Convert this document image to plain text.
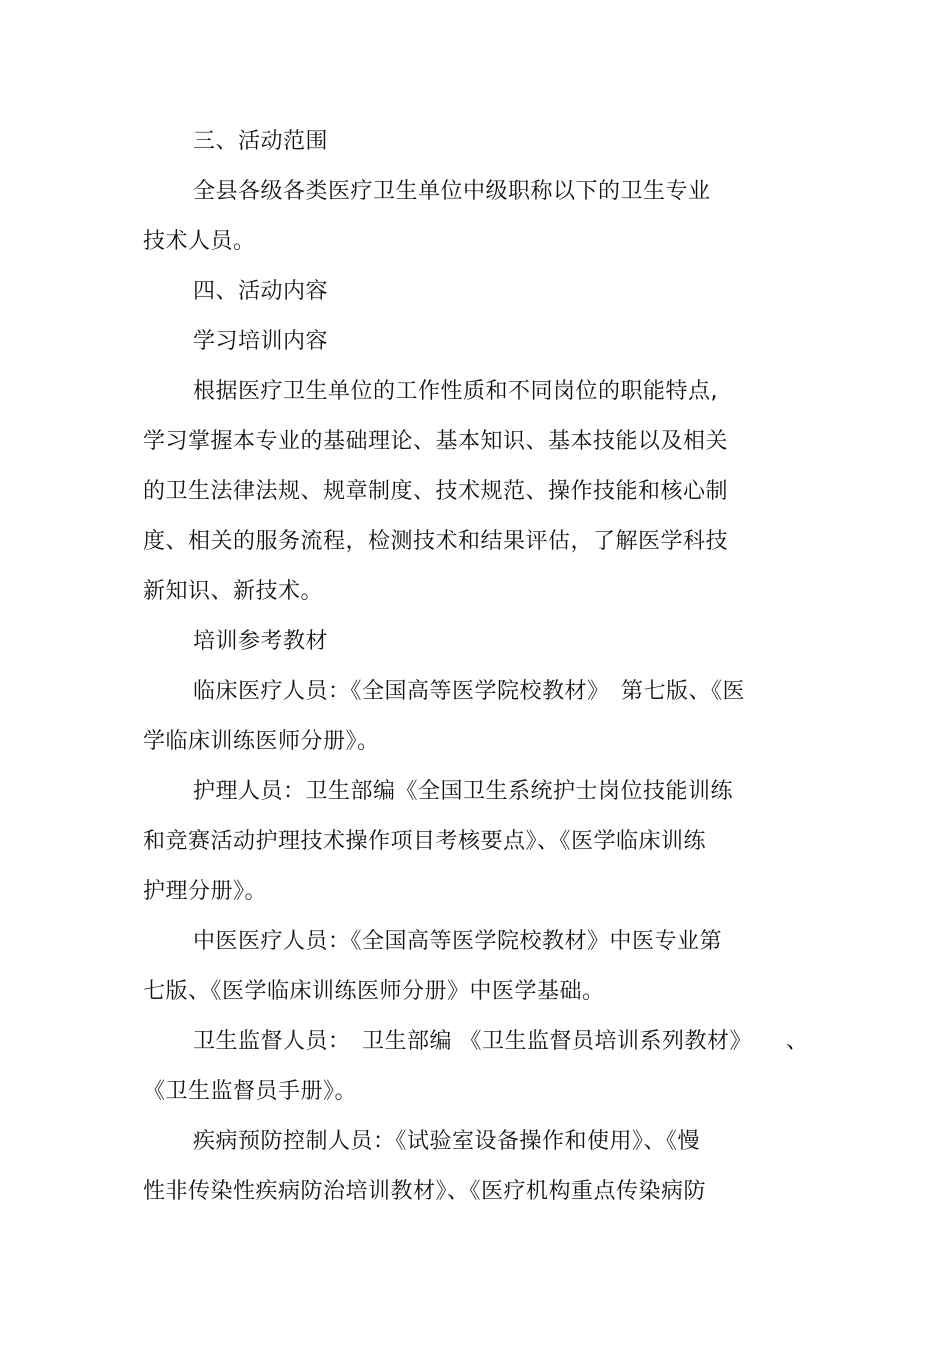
三、活动范围
全县各级各类医疗卫生单位中级职称以下的卫生专业
技术人员。
四、活动内容
学习培训内容
根据医疗卫生单位的工作性质和不同岗位的职能特点,
学习掌握本专业的基础理论、基本知识、基本技能以及相关
的卫生法律法规、规章制度、技术规范、操作技能和核心制
度、相关的服务流程，检测技术和结果评估，了解医学科技
新知识、新技术。
培训参考教材
临床医疗人员：《全国高等医学院校教材》　第七版、《医
学临床训练医师分册》。
护理人员：卫生部编《全国卫生系统护士岗位技能训练
和竞赛活动护理技术操作项目考核要点》、《医学临床训练
护理分册》。
中医医疗人员：《全国高等医学院校教材》中医专业第
七版、《医学临床训练医师分册》中医学基础。
卫生监督人员：　卫生部编 《卫生监督员培训系列教材》　　、
《卫生监督员手册》。
疾病预防控制人员：《试验室设备操作和使用》、《慢
性非传染性疾病防治培训教材》、《医疗机构重点传染病防
